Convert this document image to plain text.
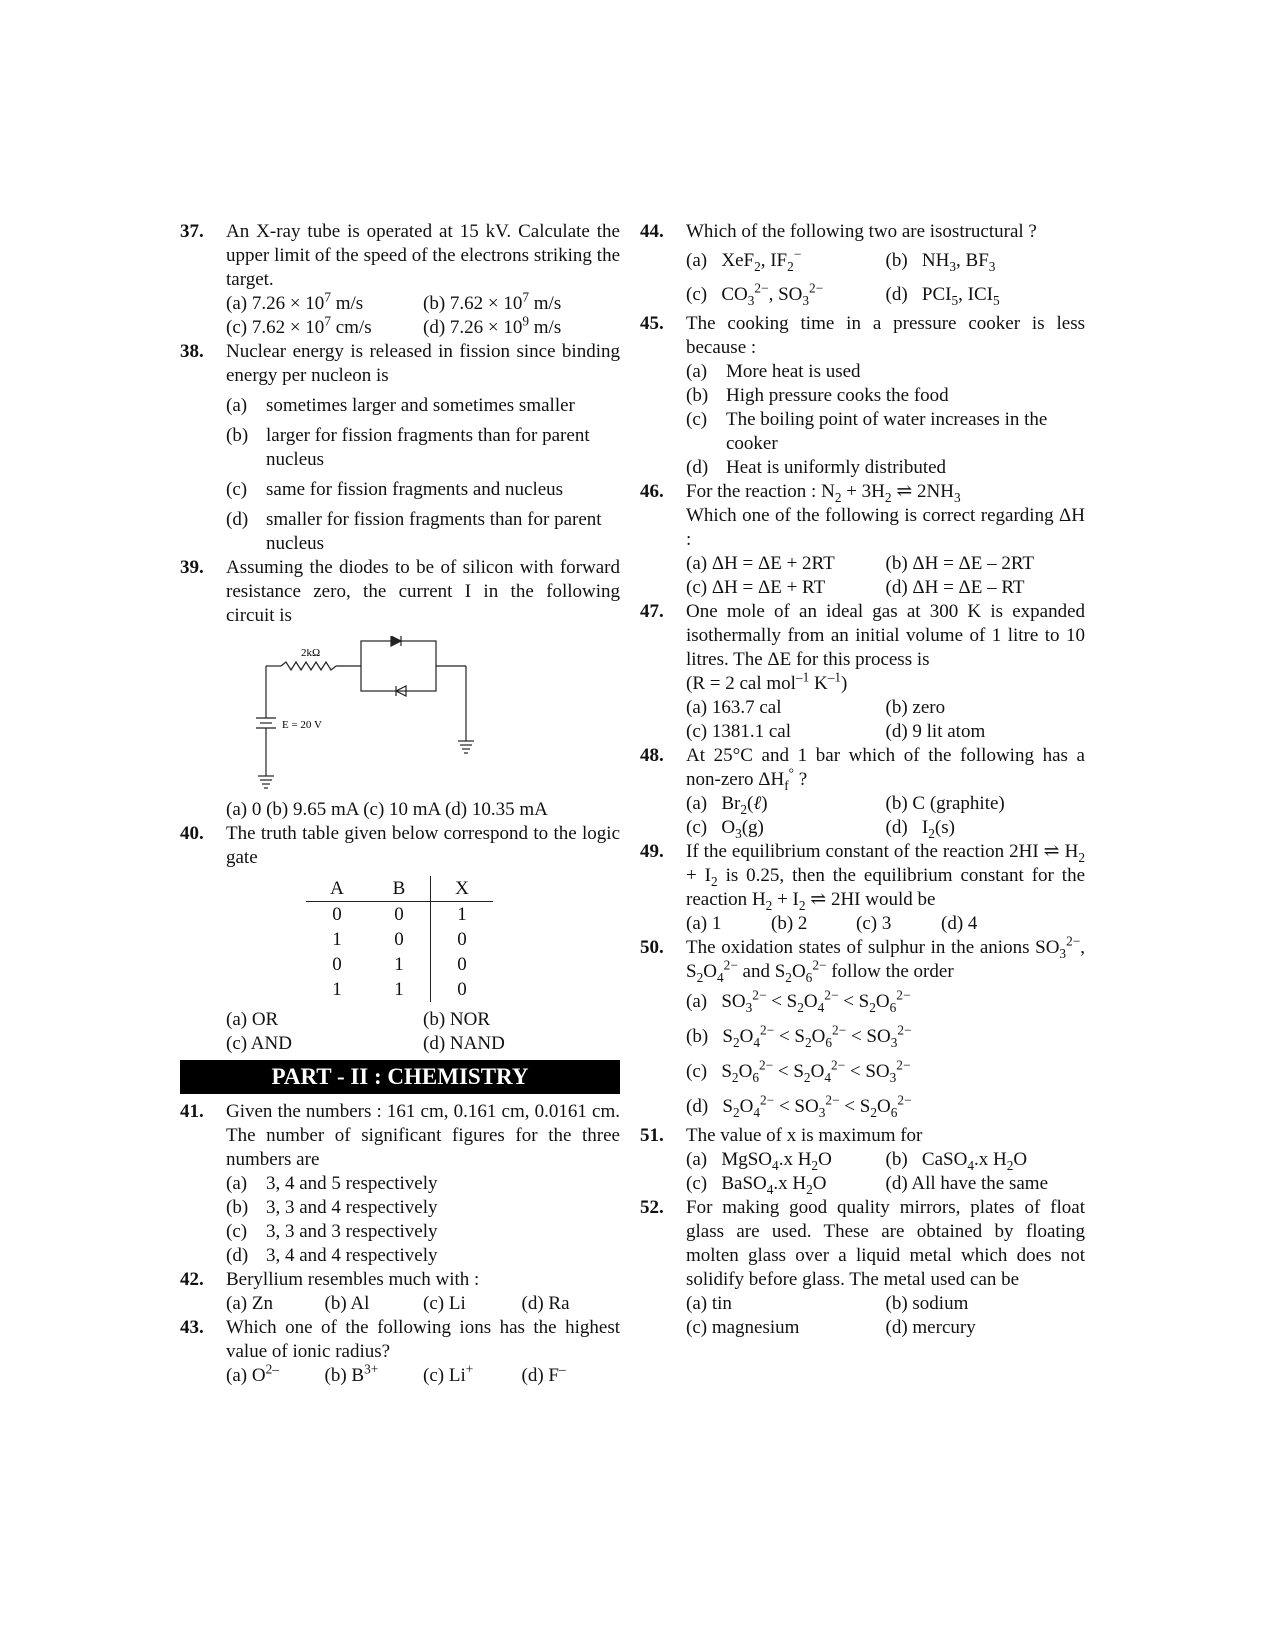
37. An X-ray tube is operated at 15 kV. Calculate the upper limit of the speed of the electrons striking the target.
(a) $7.26 \times 10^7$ m/s	(b) $7.62 \times 10^7$ m/s
(c) $7.62 \times 10^7$ cm/s	(d) $7.26 \times 10^9$ m/s
38. Nuclear energy is released in fission since binding energy per nucleon is
(a) sometimes larger and sometimes smaller
(b) larger for fission fragments than for parent nucleus
(c) same for fission fragments and nucleus
(d) smaller for fission fragments than for parent nucleus
39. Assuming the diodes to be of silicon with forward resistance zero, the current I in the following circuit is
2kΩ
E = 20 V
(a) 0 (b) 9.65 mA (c) 10 mA (d) 10.35 mA
40. The truth table given below correspond to the logic gate
A	B	X
0	0	1
1	0	0
0	1	0
1	1	0
(a) OR	(b) NOR
(c) AND	(d) NAND
PART - II : CHEMISTRY
41. Given the numbers : 161 cm, 0.161 cm, 0.0161 cm. The number of significant figures for the three numbers are
(a) 3, 4 and 5 respectively
(b) 3, 3 and 4 respectively
(c) 3, 3 and 3 respectively
(d) 3, 4 and 4 respectively
42. Beryllium resembles much with :
(a) Zn	(b) Al	(c) Li	(d) Ra
43. Which one of the following ions has the highest value of ionic radius?
(a) $O^{2-}$	(b) $B^{3+}$	(c) Li+	(d) F–
44. Which of the following two are isostructural ?
(a)   XeF$_2$, $IF_2^-$	(b)   $NH_3$, $BF_3$
(c)   $CO_3^{2-}$, $SO_3^{2-}$	(d)   $PCI_5$, $ICI_5$
45. The cooking time in a pressure cooker is less because :
(a) More heat is used
(b) High pressure cooks the food
(c) The boiling point of water increases in the cooker
(d) Heat is uniformly distributed
46. For the reaction : $N_2 + 3H_2$ ⇌ $2NH_3$
Which one of the following is correct regarding ΔH :
(a) ΔH = ΔE + 2RT	(b) ΔH = ΔE – 2RT
(c) ΔH = ΔE + RT	(d) ΔH = ΔE – RT
47. One mole of an ideal gas at 300 K is expanded isothermally from an initial volume of 1 litre to 10 litres. The ΔE for this process is
(R = 2 cal mol$^{-1}$ $K^{-1}$)
(a) 163.7 cal	(b) zero
(c) 1381.1 cal	(d) 9 lit atom
48. At 25°C and 1 bar which of the following has a non-zero $\Delta H_f^\circ$ ?
(a)   $Br_2(\ell)$	(b) C (graphite)
(c)   $O_3(g)$	(d)   $I_2(s)$
49. If the equilibrium constant of the reaction 2HI ⇌ $H_2 + I_2$ is 0.25, then the equilibrium constant for the reaction $H_2 + I_2$ ⇌ 2HI would be
(a) 1	(b) 2	(c) 3	(d) 4
50. The oxidation states of sulphur in the anions $SO_3^{2-}$, $S_2O_4^{2-}$ and $S_2O_6^{2-}$ follow the order
(a)   $SO_3^{2-} < S_2O_4^{2-} < S_2O_6^{2-}$
(b)   $S_2O_4^{2-} < S_2O_6^{2-} < SO_3^{2-}$
(c)   $S_2O_6^{2-} < S_2O_4^{2-} < SO_3^{2-}$
(d)   $S_2O_4^{2-} < SO_3^{2-} < S_2O_6^{2-}$
51. The value of x is maximum for
(a)   MgSO$_4$.x $H_2O$	(b)   CaSO$_4$.x $H_2O$
(c)   BaSO$_4$.x $H_2O$	(d) All have the same
52. For making good quality mirrors, plates of float glass are used. These are obtained by floating molten glass over a liquid metal which does not solidify before glass. The metal used can be
(a) tin	(b) sodium
(c) magnesium	(d) mercury
